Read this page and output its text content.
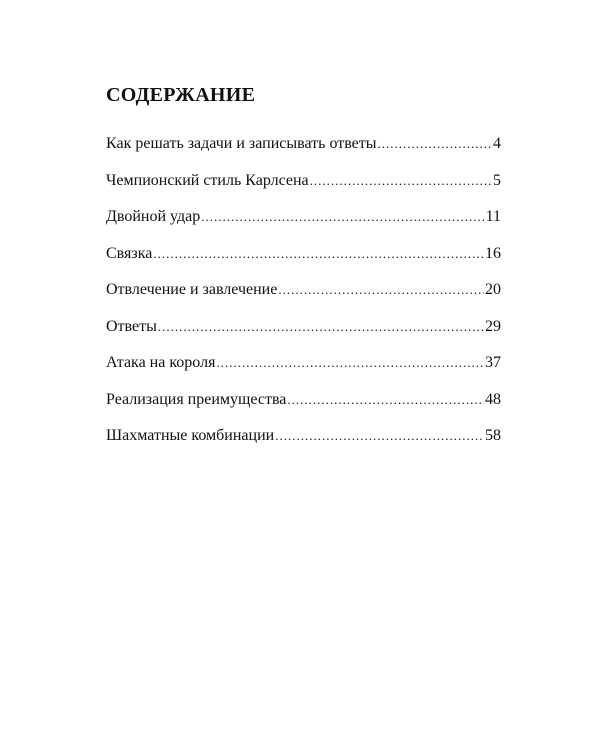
СОДЕРЖАНИЕ
Как решать задачи и записывать ответы .....	4
Чемпионский стиль Карлсена .....	5
Двойной удар .....	11
Связка .....	16
Отвлечение и завлечение .....	20
Ответы .....	29
Атака на короля .....	37
Реализация преимущества .....	48
Шахматные комбинации .....	58
